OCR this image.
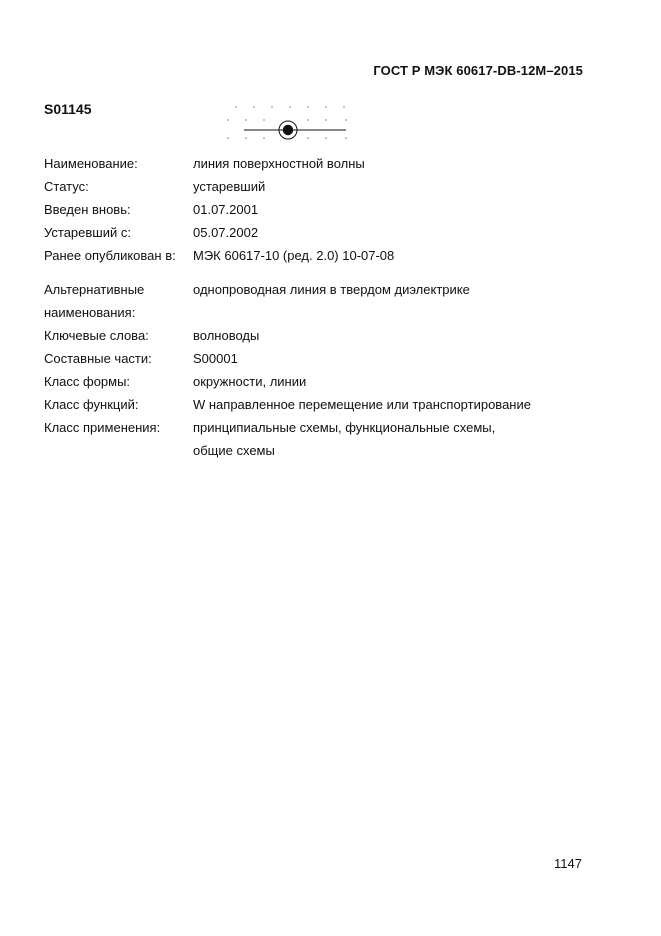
ГОСТ Р МЭК 60617-DB-12M–2015
S01145
Наименование:	линия поверхностной волны
Статус:	устаревший
Введен вновь:	01.07.2001
Устаревший с:	05.07.2002
Ранее опубликован в:	МЭК 60617-10 (ред. 2.0) 10-07-08
Альтернативные	однопроводная линия в твердом диэлектрике
наименования:
Ключевые слова:	волноводы
Составные части:	S00001
Класс формы:	окружности, линии
Класс функций:	W направленное перемещение или транспортирование
Класс применения:	принципиальные схемы, функциональные схемы,
общие схемы
1147
